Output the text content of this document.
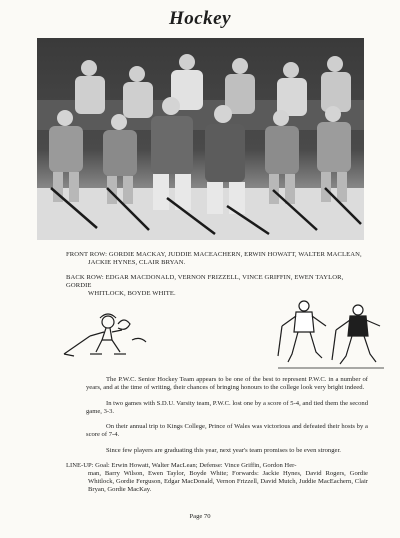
Hockey
FRONT ROW: GORDIE MACKAY, JUDDIE MACEACHERN, ERWIN HOWATT, WALTER MACLEAN,
JACKIE HYNES, CLAIR BRYAN.
BACK ROW: EDGAR MACDONALD, VERNON FRIZZELL, VINCE GRIFFIN, EWEN TAYLOR, GORDIE
WHITLOCK, BOYDE WHITE.
The P.W.C. Senior Hockey Team appears to be one of the best to represent P.W.C. in a number of years, and at the time of writing, their chances of bringing honours to the college look very bright indeed.
In two games with S.D.U. Varsity team, P.W.C. lost one by a score of 5-4, and tied them the second game, 3-3.
On their annual trip to Kings College, Prince of Wales was victorious and defeated their hosts by a score of 7-4.
Since few players are graduating this year, next year's team promises to be even stronger.
LINE-UP: Goal: Erwin Howatt, Walter MacLean; Defense: Vince Griffin, Gordon Her-
man, Barry Wilson, Ewen Taylor, Boyde White; Forwards: Jackie Hynes, David Rogers, Gordie Whitlock, Gordie Ferguson, Edgar MacDonald, Vernon Frizzell, David Mutch, Juddie MacEachern, Clair Bryan, Gordie MacKay.
Page 70
